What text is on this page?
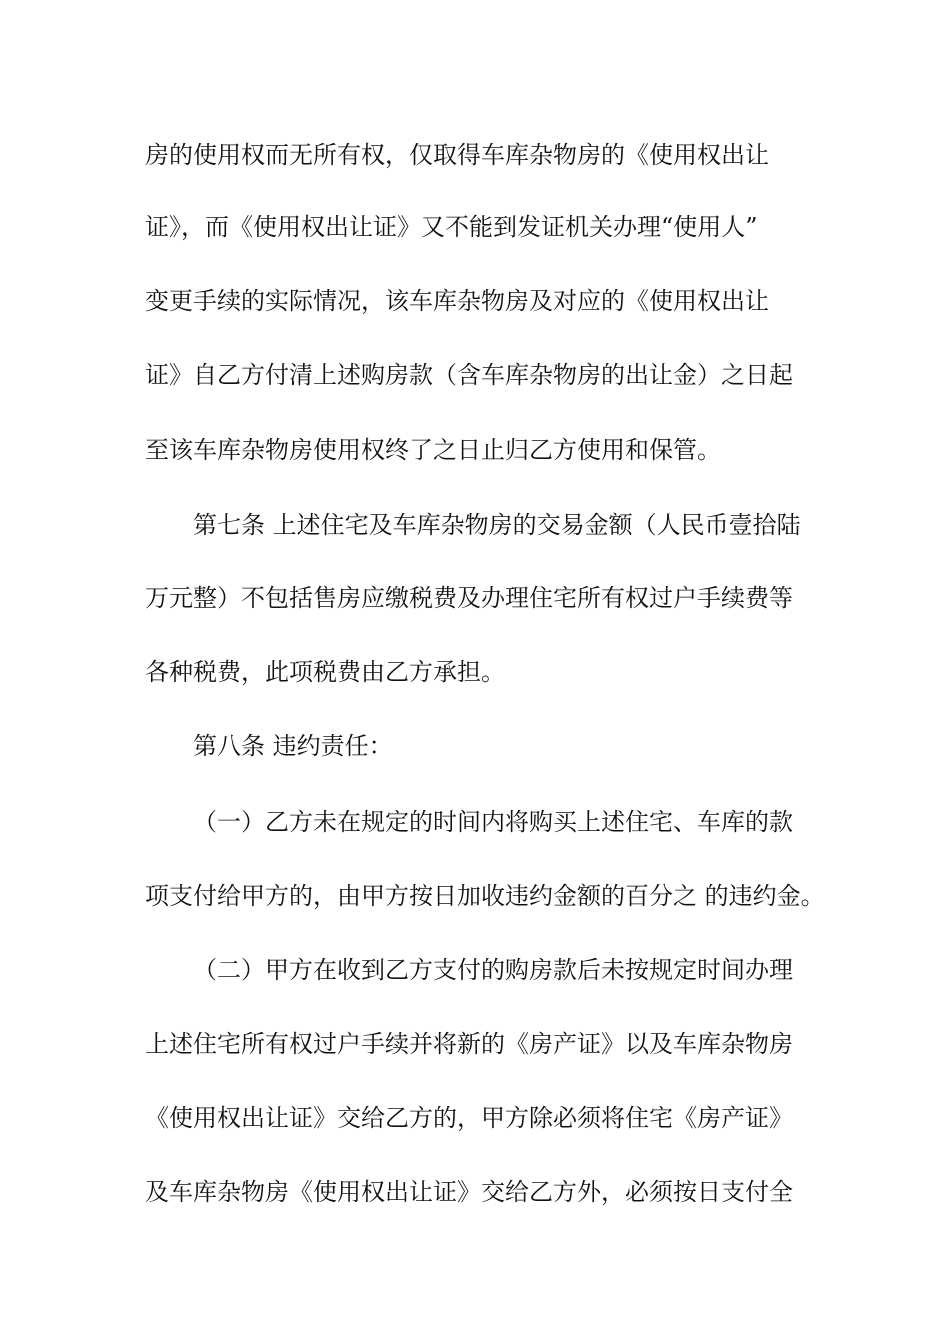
房的使用权而无所有权，仅取得车库杂物房的《使用权出让
证》，而《使用权出让证》又不能到发证机关办理“使用人”
变更手续的实际情况，该车库杂物房及对应的《使用权出让
证》自乙方付清上述购房款（含车库杂物房的出让金）之日起
至该车库杂物房使用权终了之日止归乙方使用和保管。
第七条 上述住宅及车库杂物房的交易金额（人民币壹拾陆
万元整）不包括售房应缴税费及办理住宅所有权过户手续费等
各种税费，此项税费由乙方承担。
第八条 违约责任：
（一）乙方未在规定的时间内将购买上述住宅、车库的款
项支付给甲方的，由甲方按日加收违约金额的百分之 的违约金。
（二）甲方在收到乙方支付的购房款后未按规定时间办理
上述住宅所有权过户手续并将新的《房产证》以及车库杂物房
《使用权出让证》交给乙方的，甲方除必须将住宅《房产证》
及车库杂物房《使用权出让证》交给乙方外，必须按日支付全
